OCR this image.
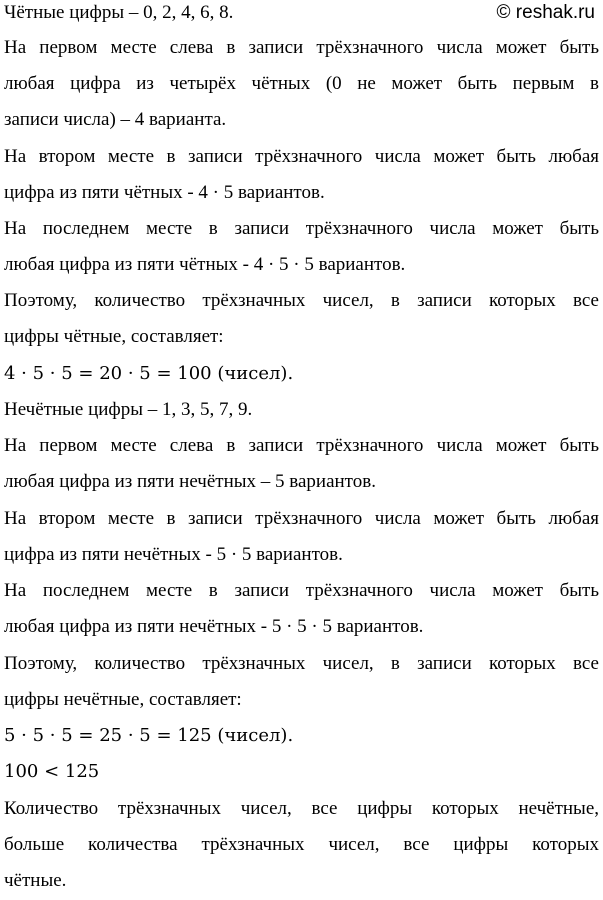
© reshak.ru
Чётные цифры – 0, 2, 4, 6, 8.
На первом месте слева в записи трёхзначного числа может быть
любая цифра из четырёх чётных (0 не может быть первым в
записи числа) – 4 варианта.
На втором месте в записи трёхзначного числа может быть любая
цифра из пяти чётных - 4 · 5 вариантов.
На последнем месте в записи трёхзначного числа может быть
любая цифра из пяти чётных - 4 · 5 · 5 вариантов.
Поэтому, количество трёхзначных чисел, в записи которых все
цифры чётные, составляет:
4 · 5 · 5 = 20 · 5 = 100 (чисел).
Нечётные цифры – 1, 3, 5, 7, 9.
На первом месте слева в записи трёхзначного числа может быть
любая цифра из пяти нечётных – 5 вариантов.
На втором месте в записи трёхзначного числа может быть любая
цифра из пяти нечётных - 5 · 5 вариантов.
На последнем месте в записи трёхзначного числа может быть
любая цифра из пяти нечётных - 5 · 5 · 5 вариантов.
Поэтому, количество трёхзначных чисел, в записи которых все
цифры нечётные, составляет:
5 · 5 · 5 = 25 · 5 = 125 (чисел).
100 < 125
Количество трёхзначных чисел, все цифры которых нечётные,
больше количества трёхзначных чисел, все цифры которых
чётные.
